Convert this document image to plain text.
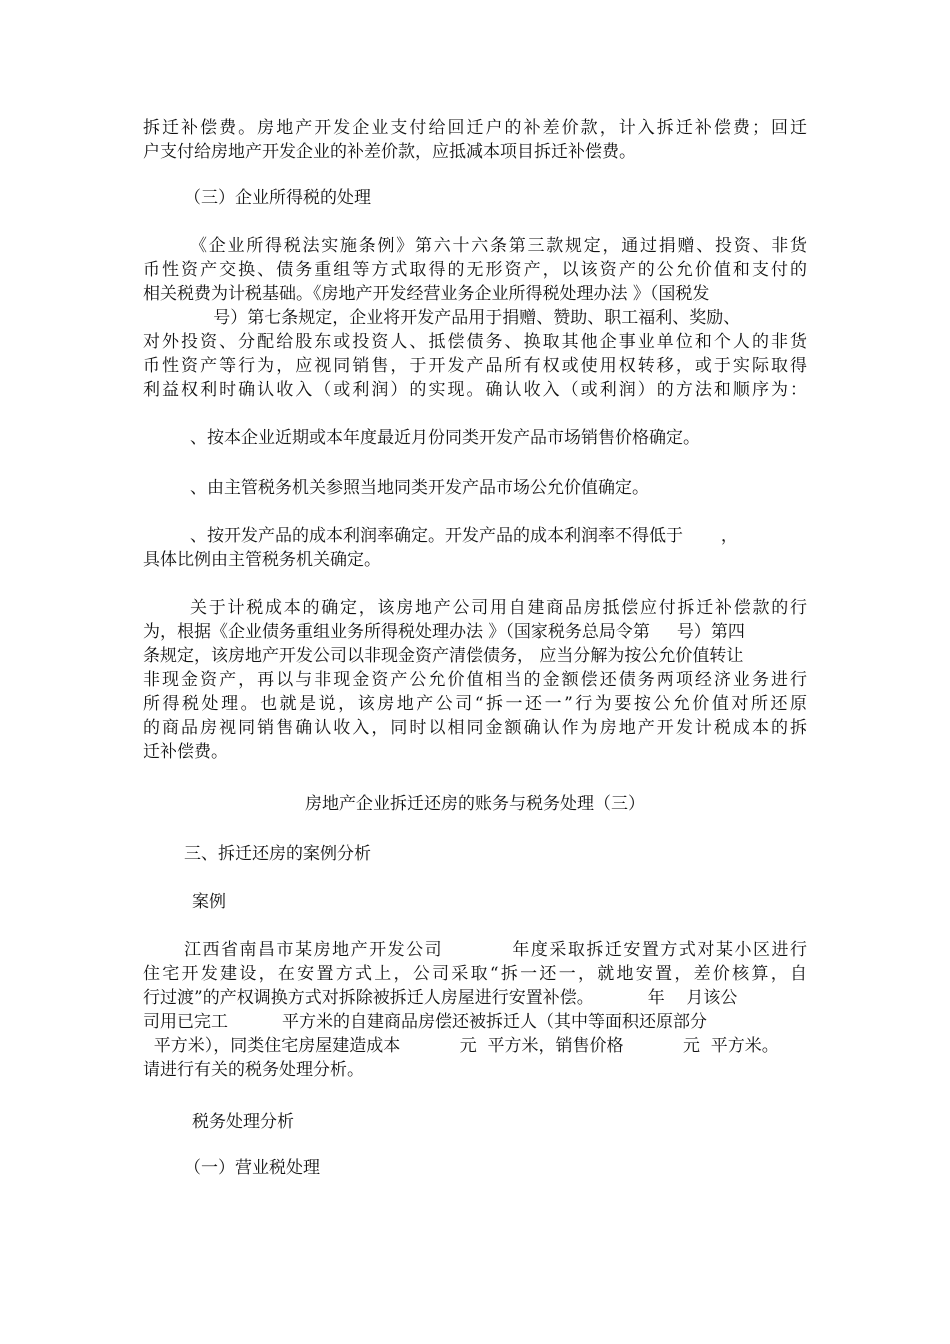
拆迁补偿费。房地产开发企业支付给回迁户的补差价款，计入拆迁补偿费；回迁
户支付给房地产开发企业的补差价款，应抵减本项目拆迁补偿费。
（三）企业所得税的处理
《企业所得税法实施条例》第六十六条第三款规定，通过捐赠、投资、非货
币性资产交换、债务重组等方式取得的无形资产，以该资产的公允价值和支付的
相关税费为计税基础。《房地产开发经营业务企业所得税处理办法 》（国税发
号）第七条规定，企业将开发产品用于捐赠、赞助、职工福利、奖励、
对外投资、分配给股东或投资人、抵偿债务、换取其他企事业单位和个人的非货
币性资产等行为，应视同销售，于开发产品所有权或使用权转移，或于实际取得
利益权利时确认收入（或利润）的实现。确认收入（或利润）的方法和顺序为：
、按本企业近期或本年度最近月份同类开发产品市场销售价格确定。
、由主管税务机关参照当地同类开发产品市场公允价值确定。
、按开发产品的成本利润率确定。开发产品的成本利润率不得低于       ，
具体比例由主管税务机关确定。
关于计税成本的确定，该房地产公司用自建商品房抵偿应付拆迁补偿款的行
为，根据《企业债务重组业务所得税处理办法 》（国家税务总局令第     号）第四
条规定，该房地产开发公司以非现金资产清偿债务， 应当分解为按公允价值转让
非现金资产，再以与非现金资产公允价值相当的金额偿还债务两项经济业务进行
所得税处理。也就是说，该房地产公司“拆一还一”行为要按公允价值对所还原
的商品房视同销售确认收入，同时以相同金额确认作为房地产开发计税成本的拆
迁补偿费。
房地产企业拆迁还房的账务与税务处理（三）
三、拆迁还房的案例分析
案例
江西省南昌市某房地产开发公司          年度采取拆迁安置方式对某小区进行
住宅开发建设，在安置方式上，公司采取“拆一还一，就地安置，差价核算，自
行过渡”的产权调换方式对拆除被拆迁人房屋进行安置补偿。          年    月该公
司用已完工          平方米的自建商品房偿还被拆迁人（其中等面积还原部分
平方米），同类住宅房屋建造成本           元  平方米，销售价格           元  平方米。
请进行有关的税务处理分析。
税务处理分析
（一）营业税处理
